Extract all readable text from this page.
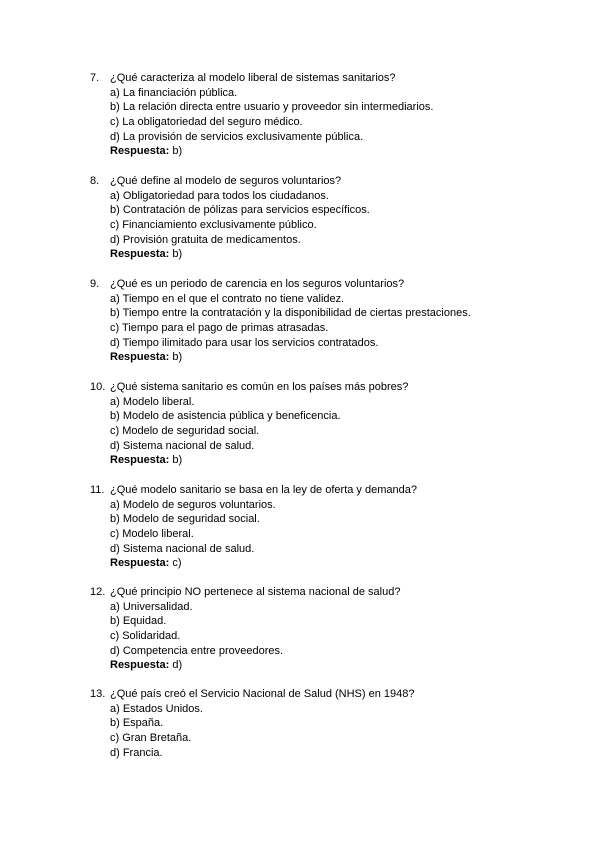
7. ¿Qué caracteriza al modelo liberal de sistemas sanitarios?
a) La financiación pública.
b) La relación directa entre usuario y proveedor sin intermediarios.
c) La obligatoriedad del seguro médico.
d) La provisión de servicios exclusivamente pública.
Respuesta: b)
8. ¿Qué define al modelo de seguros voluntarios?
a) Obligatoriedad para todos los ciudadanos.
b) Contratación de pólizas para servicios específicos.
c) Financiamiento exclusivamente público.
d) Provisión gratuita de medicamentos.
Respuesta: b)
9. ¿Qué es un periodo de carencia en los seguros voluntarios?
a) Tiempo en el que el contrato no tiene validez.
b) Tiempo entre la contratación y la disponibilidad de ciertas prestaciones.
c) Tiempo para el pago de primas atrasadas.
d) Tiempo ilimitado para usar los servicios contratados.
Respuesta: b)
10. ¿Qué sistema sanitario es común en los países más pobres?
a) Modelo liberal.
b) Modelo de asistencia pública y beneficencia.
c) Modelo de seguridad social.
d) Sistema nacional de salud.
Respuesta: b)
11. ¿Qué modelo sanitario se basa en la ley de oferta y demanda?
a) Modelo de seguros voluntarios.
b) Modelo de seguridad social.
c) Modelo liberal.
d) Sistema nacional de salud.
Respuesta: c)
12. ¿Qué principio NO pertenece al sistema nacional de salud?
a) Universalidad.
b) Equidad.
c) Solidaridad.
d) Competencia entre proveedores.
Respuesta: d)
13. ¿Qué país creó el Servicio Nacional de Salud (NHS) en 1948?
a) Estados Unidos.
b) España.
c) Gran Bretaña.
d) Francia.
